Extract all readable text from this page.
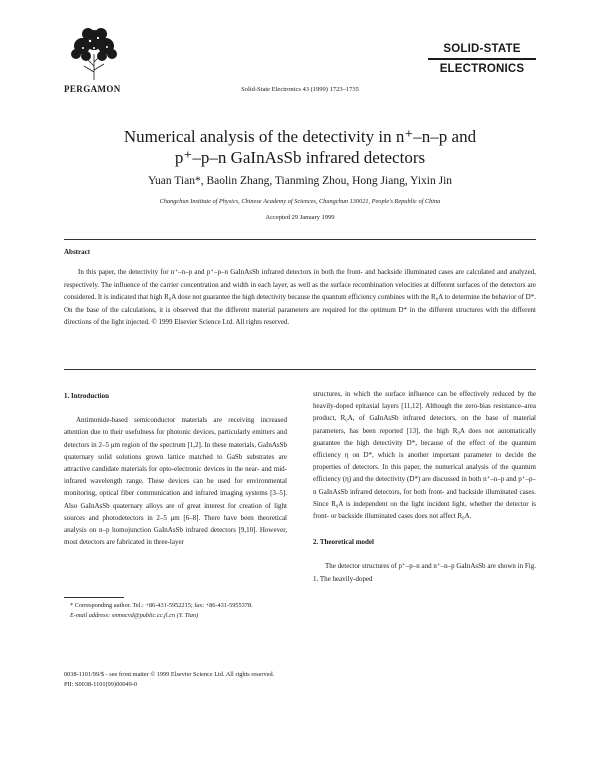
PERGAMON	Solid-State Electronics 43 (1999) 1723–1735
SOLID-STATE
ELECTRONICS
Numerical analysis of the detectivity in n⁺–n–p and
p⁺–p–n GaInAsSb infrared detectors
Yuan Tian*, Baolin Zhang, Tianming Zhou, Hong Jiang, Yixin Jin
Changchun Institute of Physics, Chinese Academy of Sciences, Changchun 130021, People's Republic of China
Accepted 29 January 1999
Abstract

In this paper, the detectivity for n⁺–n–p and p⁺–p–n GaInAsSb infrared detectors in both the front- and backside illuminated cases are calculated and analyzed, respectively. The influence of the carrier concentration and width in each layer, as well as the surface recombination velocities at different surfaces of the detectors are considered. It is indicated that high R₀A dose not guarantee the high detectivity because the quantum efficiency combines with the R₀A to determine the behavior of D*. On the base of the calculations, it is observed that the different material parameters are required for the optimum D* in the different structures with the different directions of the light injected. © 1999 Elsevier Science Ltd. All rights reserved.

1. Introduction

Antimonide-based semiconductor materials are receiving increased attention due to their usefulness for photonic devices, particularly emitters and detectors in 2–5 μm region of the spectrum [1,2]. In these materials, GaInAsSb quaternary solid solutions grown lattice matched to GaSb substrates are attractive candidate materials for opto-electronic devices in the near- and mid-infrared wavelength range. These devices can be used for environmental monitoring, optical fiber communication and infrared imaging systems [3–5]. Also GaInAsSb quaternary alloys are of great interest for creation of light sources and photodetectors in 2–5 μm [6–8]. There have been theoretical analysis on n–p homojunction GaInAsSb infrared detectors [9,10]. However, most detectors are fabricated in three-layer

structures, in which the surface influence can be effectively reduced by the heavily-doped epitaxial layers [11,12]. Although the zero-bias resistance–area product, R₀A, of GaInAsSb infrared detectors, on the base of material parameters, has been reported [13], the high R₀A does not automatically guarantee the high detectivity D*, because of the effect of the quantum efficiency η on D*, which is another important parameter to decide the properties of detectors. In this paper, the numerical analysis of the quantum efficiency (η) and the detectivity (D*) are discussed in both n⁺–n–p and p⁺–p–n GaInAsSb infrared detectors, for both front- and backside illuminated cases. Since R₀A is independent on the light incident light, whether the detector is front- or backside illuminated cases does not affect R₀A.

2. Theoretical model

The detector structures of p⁺–p–n and n⁺–n–p GaInAsSb are shown in Fig. 1. The heavily-doped

* Corresponding author. Tel.: +86-431-5952215; fax: +86-431-5955378.

E-mail address: snmocvd@public.cc.jl.cn (Y. Tian)

0038-1101/99/$ - see front matter © 1999 Elsevier Science Ltd. All rights reserved.

PII: S0038-1101(99)00049-0
